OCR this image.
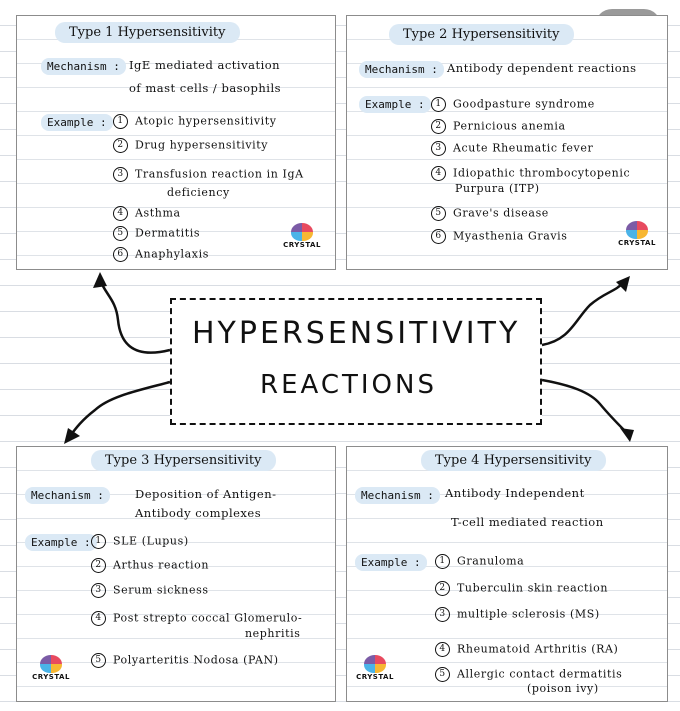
Type 1 Hypersensitivity
Mechanism : IgE mediated activation
of mast cells / basophils
Example :	1 Atopic hypersensitivity
2 Drug hypersensitivity
3 Transfusion reaction in IgA
deficiency
4 Asthma
5 Dermatitis
6 Anaphylaxis
CRYSTAL
Type 2 Hypersensitivity
Mechanism : Antibody dependent reactions
Example :	1 Goodpasture syndrome
2 Pernicious anemia
3 Acute Rheumatic fever
4 Idiopathic thrombocytopenic
Purpura (ITP)
5 Grave's disease
6 Myasthenia Gravis
CRYSTAL
Type 3 Hypersensitivity
Mechanism :	Deposition of Antigen-
Antibody complexes
Example : 1 SLE (Lupus)
2 Arthus reaction
3 Serum sickness
4 Post strepto coccal Glomerulo-
nephritis
5 Polyarteritis Nodosa (PAN)
CRYSTAL
Type 4 Hypersensitivity
Mechanism : Antibody Independent
T-cell mediated reaction
Example :	1 Granuloma
2 Tuberculin skin reaction
3 multiple sclerosis (MS)
4 Rheumatoid Arthritis (RA)
5 Allergic contact dermatitis
(poison ivy)
CRYSTAL
HYPERSENSITIVITY
REACTIONS
